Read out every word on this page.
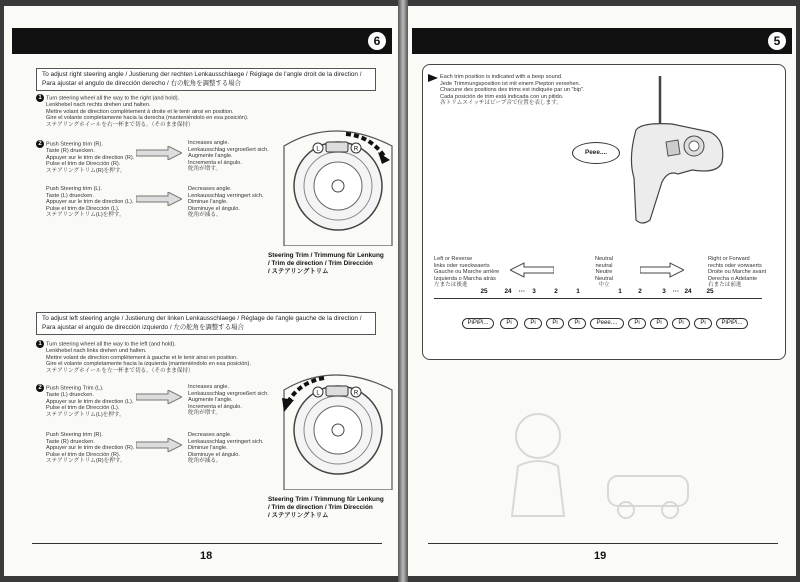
6
To adjust right steering angle / Justierung der rechten Lenkausschlaege / Réglage de l'angle droit de la direction / Para ajustar el angulo de dirección derecho / 右の舵角を調整する場合
1 Turn steering wheel all the way to the right (and hold).
Lenkhebel nach rechts drehen und halten.
Mettre volant de direction complètement à droite et le tenir ainsi en position.
Gire el volante completamente hacia la derecha (manteniéndolo en esa posición).
ステアリングホイールを右一杯まで切る。（そのまま保持）
2 Push Steering trim (R).
Taste (R) druecken.
Appuyer sur le trim de direction (R).
Pulse el trim de Dirección (R).
ステアリングトリム(R)を押す。
Increases angle.
Lenkausschlag vergroeßert sich.
Augmente l'angle.
Incrementa el ángulo.
舵角が増す。
Push Steering trim (L).
Taste (L) druecken.
Appuyer sur le trim de direction (L).
Pulse el trim de Dirección (L).
ステアリングトリム(L)を押す。
Decreases angle.
Lenkausschlag verringert sich.
Diminue l'angle.
Disminuye el ángulo.
舵角が減る。
L	R
Steering Trim / Trimmung für Lenkung
/ Trim de direction / Trim Dirección
/ ステアリングトリム
To adjust left steering angle / Justierung der linken Lenkausschlaege / Réglage de l'angle gauche de la direction / Para ajustar el angulo de dirección izquierdo / 左の舵角を調整する場合
1 Turn steering wheel all the way to the left (and hold).
Lenkhebel nach links drehen und halten.
Mettre volant de direction complètement à gauche et le tenir ainsi en position.
Gire el volante completamente hacia la izquierda (manteniéndolo en esa posición).
ステアリングホイールを左一杯まで切る。（そのまま保持）
2 Push Steering Trim (L).
Taste (L) druecken.
Appuyer sur le trim de direction (L).
Pulse el trim de Dirección (L).
ステアリングトリム(L)を押す。
Increases angle.
Lenkausschlag vergroeßert sich.
Augmente l'angle.
Incrementa el ángulo.
舵角が増す。
Push Steering trim (R).
Taste (R) druecken.
Appuyer sur le trim de direction (R).
Pulse el trim de Dirección (R).
ステアリングトリム(R)を押す。
Decreases angle.
Lenkausschlag verringert sich.
Diminue l'angle.
Disminuye el ángulo.
舵角が減る。
L	R
Steering Trim / Trimmung für Lenkung
/ Trim de direction / Trim Dirección
/ ステアリングトリム
18
5
Each trim position is indicated with a beep sound.
Jede Trimmungsposition ist mit einem Piepton versehen.
Chacune des positions des trims est indiquée par un "bip".
Cada posición de trim está indicada con un pitido.
各トリムスイッチはビープ音で位置を表します。
Peee....
Left or Reverse
links oder rueckwaerts
Gauche ou Marche arrière
Izquierda o Marcha atrás
左または後進
Neutral
neutral
Neutre
Neutral
中立
Right or Forward
rechts oder vorwaerts
Droite ou Marche avant
Derecha o Adelante
右または前進
25	24	···	3	2	1	1	2	3	··· 24	25
PiPiPi...	Pi	Pi	Pi	Pi	Peee....	Pi	Pi	Pi	Pi	PiPiPi...
19
